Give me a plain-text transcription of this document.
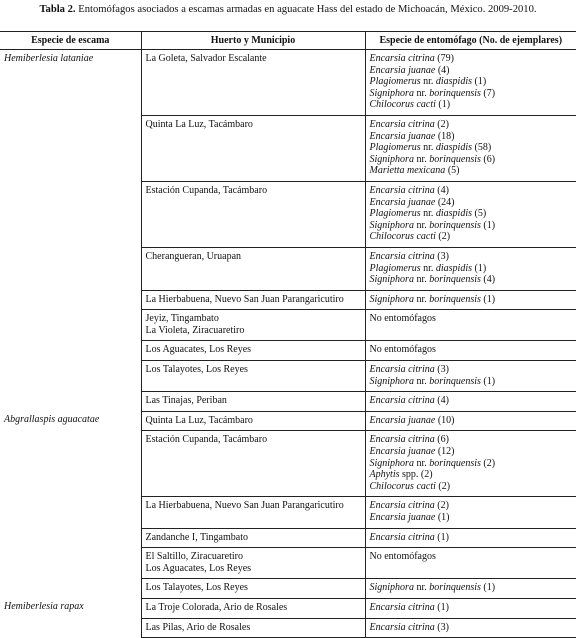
Tabla 2. Entomófagos asociados a escamas armadas en aguacate Hass del estado de Michoacán, México. 2009-2010.
Especie de escama	Huerto y Municipio	Especie de entomófago (No. de ejemplares)

Hemiberlesia lataniae	La Goleta, Salvador Escalante	Encarsia citrina (79)
Encarsia juanae (4)
Plagiomerus nr. diaspidis (1)
Signiphora nr. borinquensis (7)
Chilocorus cacti (1)

	Quinta La Luz, Tacámbaro	Encarsia citrina (2)
Encarsia juanae (18)
Plagiomerus nr. diaspidis (58)
Signiphora nr. borinquensis (6)
Marietta mexicana (5)

	Estación Cupanda, Tacámbaro	Encarsia citrina (4)
Encarsia juanae (24)
Plagiomerus nr. diaspidis (5)
Signiphora nr. borinquensis (1)
Chilocorus cacti (2)

	Cherangueran, Uruapan	Encarsia citrina (3)
Plagiomerus nr. diaspidis (1)
Signiphora nr. borinquensis (4)

	La Hierbabuena, Nuevo San Juan Parangaricutiro	Signiphora nr. borinquensis (1)

	Jeyiz, Tingambato
La Violeta, Ziracuaretiro	No entomófagos

	Los Aguacates, Los Reyes	No entomófagos

	Los Talayotes, Los Reyes	Encarsia citrina (3)
Signiphora nr. borinquensis (1)

	Las Tinajas, Periban	Encarsia citrina (4)

Abgrallaspis aguacatae	Quinta La Luz, Tacámbaro	Encarsia juanae (10)

	Estación Cupanda, Tacámbaro	Encarsia citrina (6)
Encarsia juanae (12)
Signiphora nr. borinquensis (2)
Aphytis spp. (2)
Chilocorus cacti (2)

	La Hierbabuena, Nuevo San Juan Parangaricutiro	Encarsia citrina (2)
Encarsia juanae (1)

	Zandanche I, Tingambato	Encarsia citrina (1)

	El Saltillo, Ziracuaretiro
Los Aguacates, Los Reyes	No entomófagos

	Los Talayotes, Los Reyes	Signiphora nr. borinquensis (1)

Hemiberlesia rapax	La Troje Colorada, Ario de Rosales	Encarsia citrina (1)

	Las Pilas, Ario de Rosales	Encarsia citrina (3)
